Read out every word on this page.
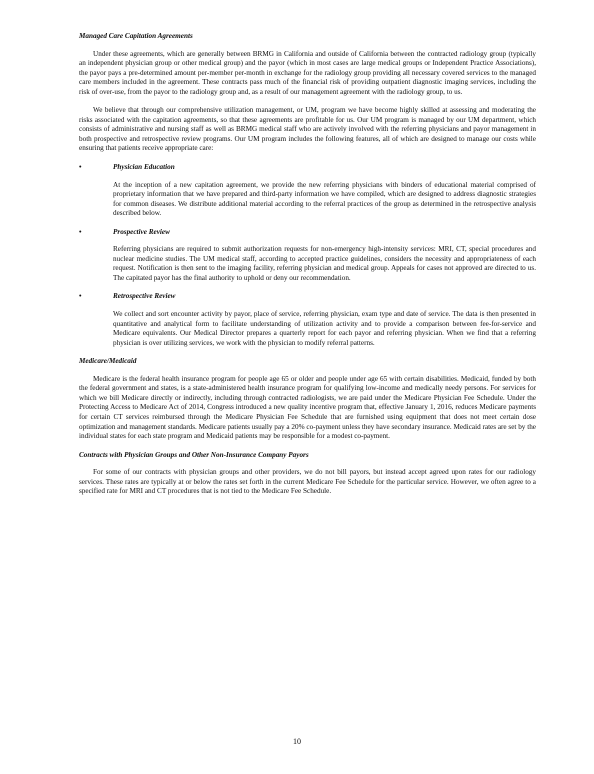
Managed Care Capitation Agreements

Under these agreements, which are generally between BRMG in California and outside of California between the contracted radiology group (typically an independent physician group or other medical group) and the payor (which in most cases are large medical groups or Independent Practice Associations), the payor pays a pre-determined amount per-member per-month in exchange for the radiology group providing all necessary covered services to the managed care members included in the agreement. These contracts pass much of the financial risk of providing outpatient diagnostic imaging services, including the risk of over-use, from the payor to the radiology group and, as a result of our management agreement with the radiology group, to us.

We believe that through our comprehensive utilization management, or UM, program we have become highly skilled at assessing and moderating the risks associated with the capitation agreements, so that these agreements are profitable for us. Our UM program is managed by our UM department, which consists of administrative and nursing staff as well as BRMG medical staff who are actively involved with the referring physicians and payor management in both prospective and retrospective review programs. Our UM program includes the following features, all of which are designed to manage our costs while ensuring that patients receive appropriate care:

•	Physician Education

At the inception of a new capitation agreement, we provide the new referring physicians with binders of educational material comprised of proprietary information that we have prepared and third-party information we have compiled, which are designed to address diagnostic strategies for common diseases. We distribute additional material according to the referral practices of the group as determined in the retrospective analysis described below.

•	Prospective Review

Referring physicians are required to submit authorization requests for non-emergency high-intensity services: MRI, CT, special procedures and nuclear medicine studies. The UM medical staff, according to accepted practice guidelines, considers the necessity and appropriateness of each request. Notification is then sent to the imaging facility, referring physician and medical group. Appeals for cases not approved are directed to us. The capitated payor has the final authority to uphold or deny our recommendation.

•	Retrospective Review

We collect and sort encounter activity by payor, place of service, referring physician, exam type and date of service. The data is then presented in quantitative and analytical form to facilitate understanding of utilization activity and to provide a comparison between fee-for-service and Medicare equivalents. Our Medical Director prepares a quarterly report for each payor and referring physician. When we find that a referring physician is over utilizing services, we work with the physician to modify referral patterns.

Medicare/Medicaid

Medicare is the federal health insurance program for people age 65 or older and people under age 65 with certain disabilities. Medicaid, funded by both the federal government and states, is a state-administered health insurance program for qualifying low-income and medically needy persons. For services for which we bill Medicare directly or indirectly, including through contracted radiologists, we are paid under the Medicare Physician Fee Schedule. Under the Protecting Access to Medicare Act of 2014, Congress introduced a new quality incentive program that, effective January 1, 2016, reduces Medicare payments for certain CT services reimbursed through the Medicare Physician Fee Schedule that are furnished using equipment that does not meet certain dose optimization and management standards. Medicare patients usually pay a 20% co-payment unless they have secondary insurance. Medicaid rates are set by the individual states for each state program and Medicaid patients may be responsible for a modest co-payment.

Contracts with Physician Groups and Other Non-Insurance Company Payors

For some of our contracts with physician groups and other providers, we do not bill payors, but instead accept agreed upon rates for our radiology services. These rates are typically at or below the rates set forth in the current Medicare Fee Schedule for the particular service. However, we often agree to a specified rate for MRI and CT procedures that is not tied to the Medicare Fee Schedule.

10
